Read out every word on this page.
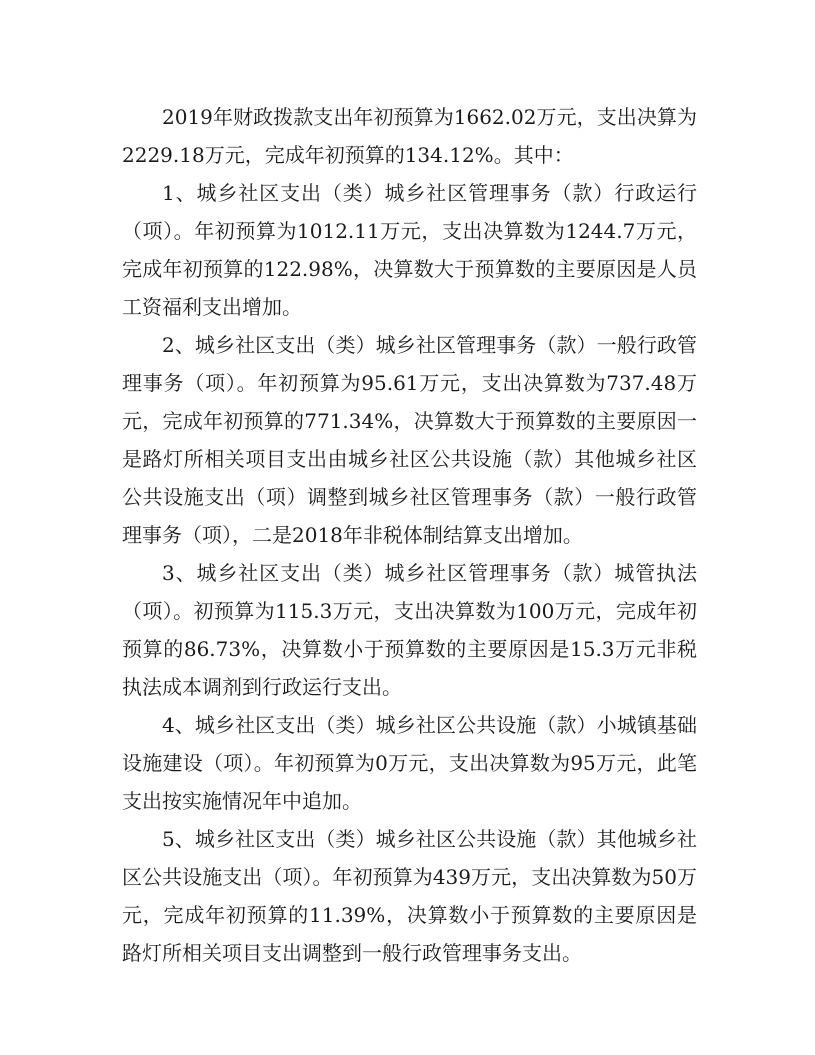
2019年财政拨款支出年初预算为1662.02万元，支出决算为2229.18万元，完成年初预算的134.12%。其中：

1、城乡社区支出（类）城乡社区管理事务（款）行政运行（项）。年初预算为1012.11万元，支出决算数为1244.7万元，完成年初预算的122.98%，决算数大于预算数的主要原因是人员工资福利支出增加。

2、城乡社区支出（类）城乡社区管理事务（款）一般行政管理事务（项）。年初预算为95.61万元，支出决算数为737.48万元，完成年初预算的771.34%，决算数大于预算数的主要原因一是路灯所相关项目支出由城乡社区公共设施（款）其他城乡社区公共设施支出（项）调整到城乡社区管理事务（款）一般行政管理事务（项），二是2018年非税体制结算支出增加。

3、城乡社区支出（类）城乡社区管理事务（款）城管执法（项）。初预算为115.3万元，支出决算数为100万元，完成年初预算的86.73%，决算数小于预算数的主要原因是15.3万元非税执法成本调剂到行政运行支出。

4、城乡社区支出（类）城乡社区公共设施（款）小城镇基础设施建设（项）。年初预算为0万元，支出决算数为95万元，此笔支出按实施情况年中追加。

5、城乡社区支出（类）城乡社区公共设施（款）其他城乡社区公共设施支出（项）。年初预算为439万元，支出决算数为50万元，完成年初预算的11.39%，决算数小于预算数的主要原因是路灯所相关项目支出调整到一般行政管理事务支出。
